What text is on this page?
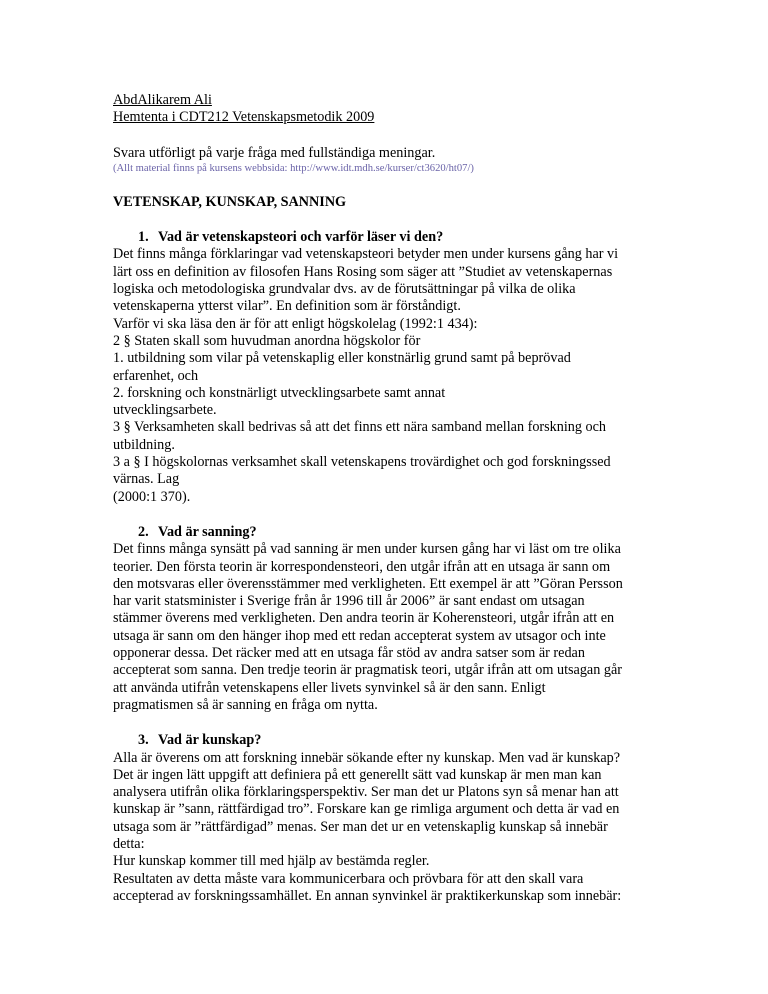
AbdAlikarem Ali
Hemtenta i CDT212 Vetenskapsmetodik 2009
Svara utförligt på varje fråga med fullständiga meningar.
(Allt material finns på kursens webbsida: http://www.idt.mdh.se/kurser/ct3620/ht07/)
VETENSKAP, KUNSKAP, SANNING
1. Vad är vetenskapsteori och varför läser vi den?
Det finns många förklaringar vad vetenskapsteori betyder men under kursens gång har vi
lärt oss en definition av filosofen Hans Rosing som säger att ”Studiet av vetenskapernas
logiska och metodologiska grundvalar dvs. av de förutsättningar på vilka de olika
vetenskaperna ytterst vilar”. En definition som är förståndigt.
Varför vi ska läsa den är för att enligt högskolelag (1992:1 434):
2 § Staten skall som huvudman anordna högskolor för
1. utbildning som vilar på vetenskaplig eller konstnärlig grund samt på beprövad
erfarenhet, och
2. forskning och konstnärligt utvecklingsarbete samt annat
utvecklingsarbete.
3 § Verksamheten skall bedrivas så att det finns ett nära samband mellan forskning och
utbildning.
3 a § I högskolornas verksamhet skall vetenskapens trovärdighet och god forskningssed
värnas. Lag
(2000:1 370).
2. Vad är sanning?
Det finns många synsätt på vad sanning är men under kursen gång har vi läst om tre olika
teorier. Den första teorin är korrespondensteori, den utgår ifrån att en utsaga är sann om
den motsvaras eller överensstämmer med verkligheten. Ett exempel är att ”Göran Persson
har varit statsminister i Sverige från år 1996 till år 2006” är sant endast om utsagan
stämmer överens med verkligheten. Den andra teorin är Koherensteori, utgår ifrån att en
utsaga är sann om den hänger ihop med ett redan accepterat system av utsagor och inte
opponerar dessa. Det räcker med att en utsaga får stöd av andra satser som är redan
accepterat som sanna. Den tredje teorin är pragmatisk teori, utgår ifrån att om utsagan går
att använda utifrån vetenskapens eller livets synvinkel så är den sann. Enligt
pragmatismen så är sanning en fråga om nytta.
3. Vad är kunskap?
Alla är överens om att forskning innebär sökande efter ny kunskap. Men vad är kunskap?
Det är ingen lätt uppgift att definiera på ett generellt sätt vad kunskap är men man kan
analysera utifrån olika förklaringsperspektiv. Ser man det ur Platons syn så menar han att
kunskap är ”sann, rättfärdigad tro”. Forskare kan ge rimliga argument och detta är vad en
utsaga som är ”rättfärdigad” menas. Ser man det ur en vetenskaplig kunskap så innebär
detta:
Hur kunskap kommer till med hjälp av bestämda regler.
Resultaten av detta måste vara kommunicerbara och prövbara för att den skall vara
accepterad av forskningssamhället. En annan synvinkel är praktikerkunskap som innebär:
